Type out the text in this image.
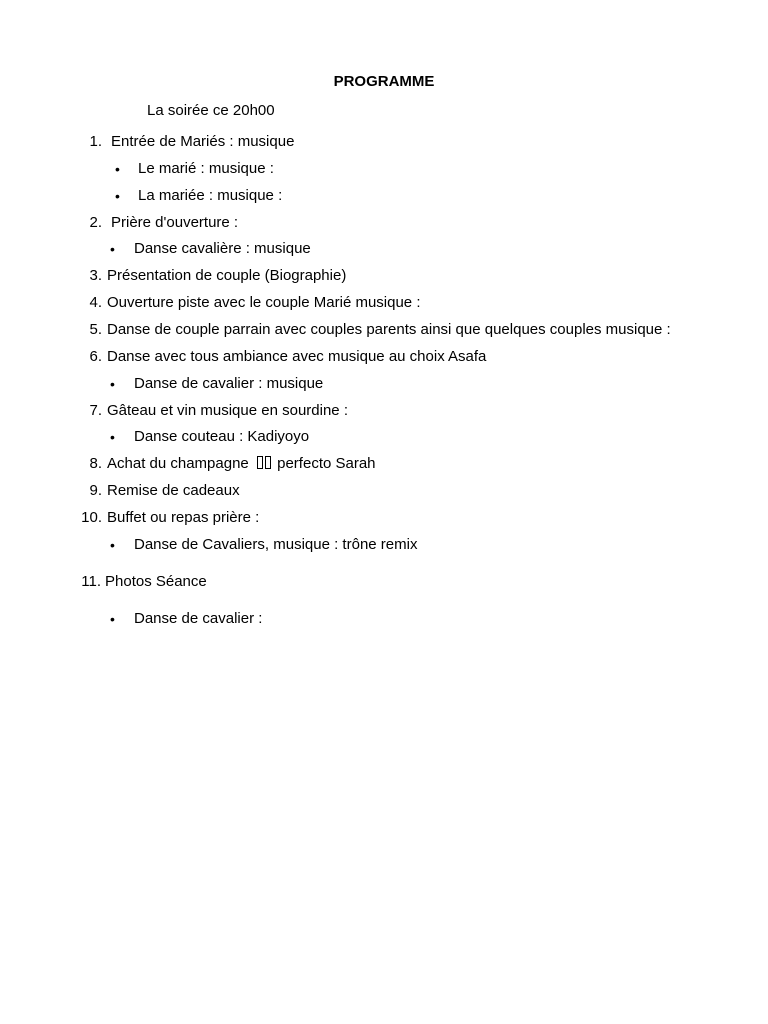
PROGRAMME
La soirée ce 20h00
1. Entrée de Mariés : musique
• Le marié : musique :
• La mariée : musique :
2. Prière d'ouverture :
• Danse cavalière : musique
3. Présentation de couple (Biographie)
4. Ouverture piste avec le couple Marié musique :
5. Danse de couple parrain avec couples parents ainsi que quelques couples musique :
6. Danse avec tous ambiance avec musique au choix Asafa
• Danse de cavalier : musique
7. Gâteau et vin musique en sourdine :
• Danse couteau : Kadiyoyo
8. Achat du champagne perfecto Sarah
9. Remise de cadeaux
10. Buffet ou repas prière :
• Danse de Cavaliers, musique : trône remix
11. Photos Séance
• Danse de cavalier :
